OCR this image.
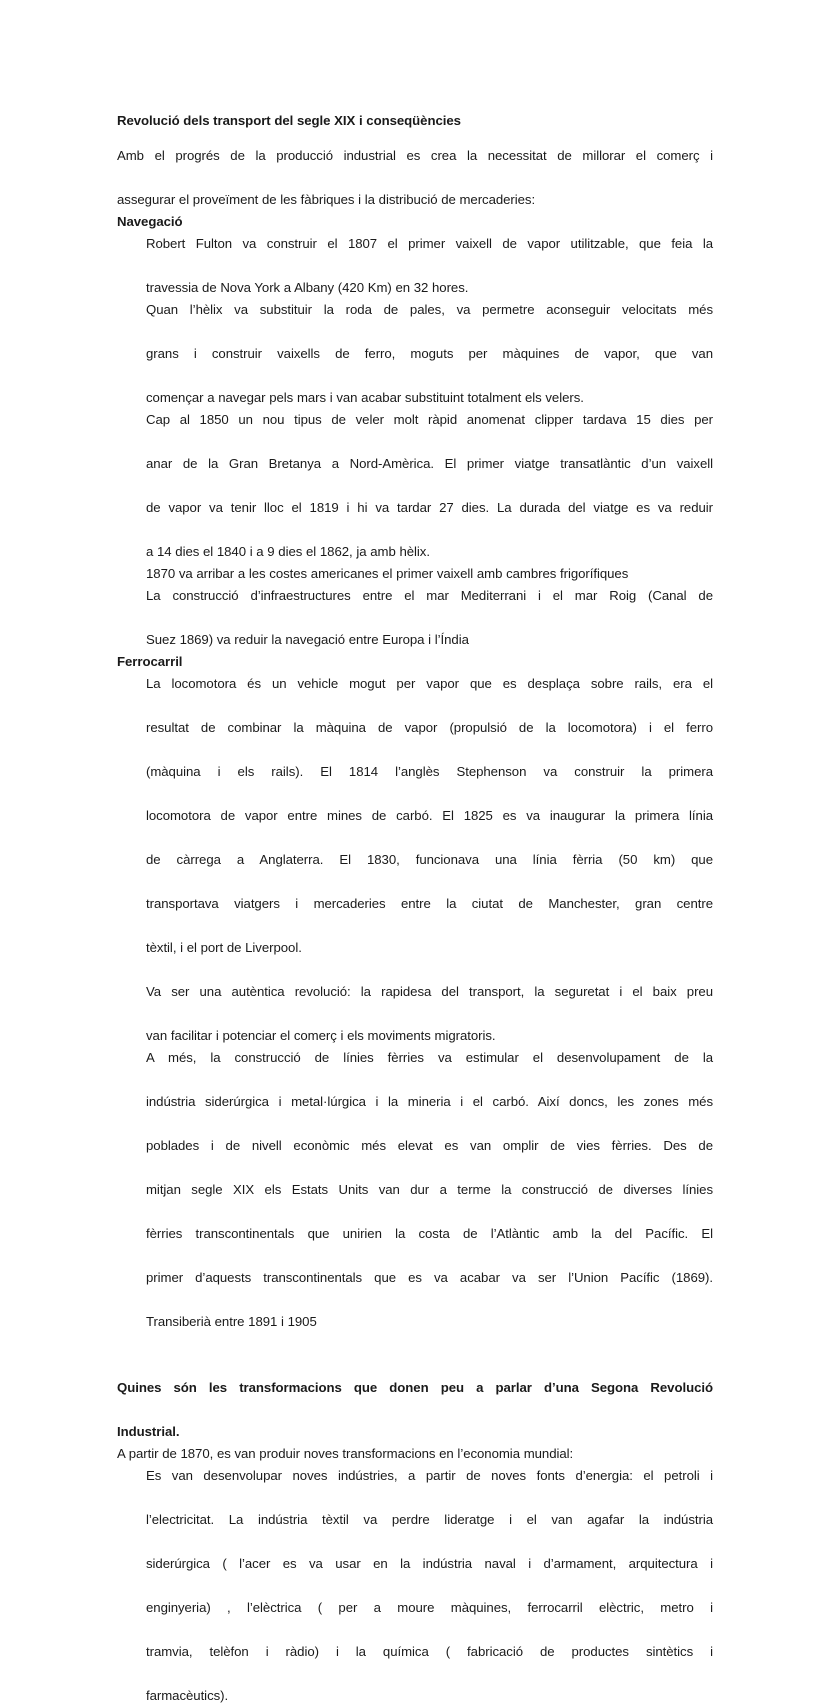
Revolució dels transport del segle XIX i conseqüències

Amb el progrés de la producció industrial es crea la necessitat de millorar el comerç i
assegurar el proveïment de les fàbriques i la distribució de mercaderies:

Navegació

Robert Fulton va construir el 1807 el primer vaixell de vapor utilitzable, que feia la
travessia de Nova York a Albany (420 Km) en 32 hores.
Quan l’hèlix va substituir la roda de pales, va permetre aconseguir velocitats més
grans i construir vaixells de ferro, moguts per màquines de vapor, que van
començar a navegar pels mars i van acabar substituint totalment els velers.
Cap al 1850 un nou tipus de veler molt ràpid anomenat clipper tardava 15 dies per
anar de la Gran Bretanya a Nord-Amèrica. El primer viatge transatlàntic d’un vaixell
de vapor va tenir lloc el 1819 i hi va tardar 27 dies. La durada del viatge es va reduir
a 14 dies el 1840 i a 9 dies el 1862, ja amb hèlix.
1870 va arribar a les costes americanes el primer vaixell amb cambres frigorífiques
La construcció d’infraestructures entre el mar Mediterrani i el mar Roig (Canal de
Suez 1869) va reduir la navegació entre Europa i l’Índia

Ferrocarril

La locomotora és un vehicle mogut per vapor que es desplaça sobre rails, era el
resultat de combinar la màquina de vapor (propulsió de la locomotora) i el ferro
(màquina i els rails). El 1814 l’anglès Stephenson va construir la primera
locomotora de vapor entre mines de carbó. El 1825 es va inaugurar la primera línia
de càrrega a Anglaterra. El 1830, funcionava una línia fèrria (50 km) que
transportava viatgers i mercaderies entre la ciutat de Manchester, gran centre
tèxtil, i el port de Liverpool.
Va ser una autèntica revolució: la rapidesa del transport, la seguretat i el baix preu
van facilitar i potenciar el comerç i els moviments migratoris.
A més, la construcció de línies fèrries va estimular el desenvolupament de la
indústria siderúrgica i metal·lúrgica i la mineria i el carbó. Així doncs, les zones més
poblades i de nivell econòmic més elevat es van omplir de vies fèrries. Des de
mitjan segle XIX els Estats Units van dur a terme la construcció de diverses línies
fèrries transcontinentals que unirien la costa de l’Atlàntic amb la del Pacífic. El
primer d’aquests transcontinentals que es va acabar va ser l’Union Pacífic (1869).
Transiberià entre 1891 i 1905
Quines són les transformacions que donen peu a parlar d’una Segona Revolució
Industrial.
A partir de 1870, es van produir noves transformacions en l’economia mundial:
Es van desenvolupar noves indústries, a partir de noves fonts d’energia: el petroli i
l’electricitat. La indústria tèxtil va perdre lideratge i el van agafar la indústria
siderúrgica ( l’acer es va usar en la indústria naval i d’armament, arquitectura i
enginyeria) , l’elèctrica ( per a moure màquines, ferrocarril elèctric, metro i
tramvia, telèfon i ràdio) i la química ( fabricació de productes sintètics i
farmacèutics).
